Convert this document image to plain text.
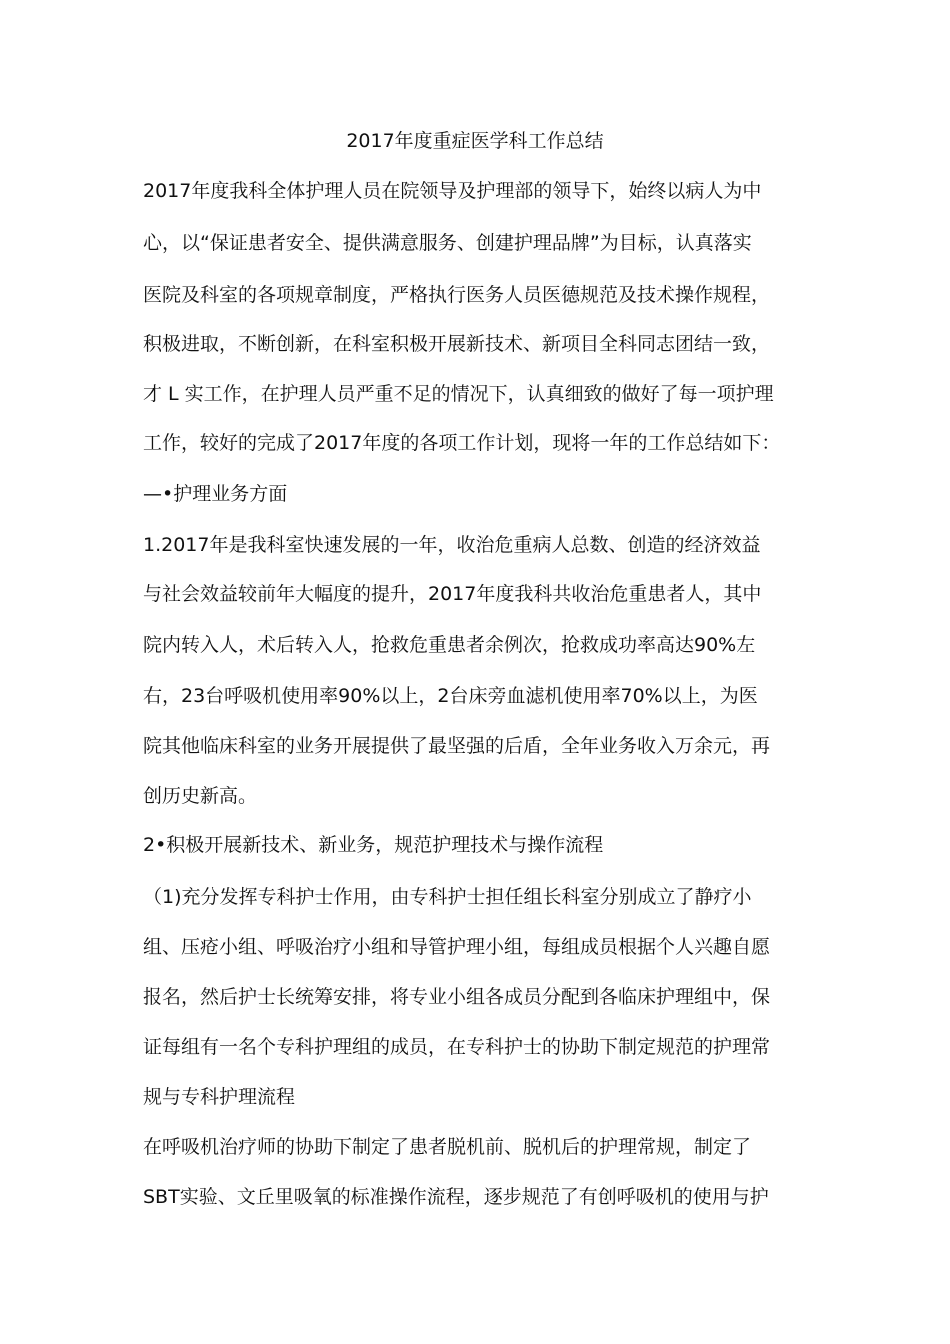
2017年度重症医学科工作总结
2017年度我科全体护理人员在院领导及护理部的领导下，始终以病人为中
心，以“保证患者安全、提供满意服务、创建护理品牌”为目标，认真落实
医院及科室的各项规章制度，严格执行医务人员医德规范及技术操作规程，
积极进取，不断创新，在科室积极开展新技术、新项目全科同志团结一致，
才 L 实工作，在护理人员严重不足的情况下，认真细致的做好了每一项护理
工作，较好的完成了2017年度的各项工作计划，现将一年的工作总结如下：
—•护理业务方面
1.2017年是我科室快速发展的一年，收治危重病人总数、创造的经济效益
与社会效益较前年大幅度的提升，2017年度我科共收治危重患者人，其中
院内转入人，术后转入人，抢救危重患者余例次，抢救成功率高达90%左
右，23台呼吸机使用率90%以上，2台床旁血滤机使用率70%以上，为医
院其他临床科室的业务开展提供了最坚强的后盾，全年业务收入万余元，再
创历史新高。
2•积极开展新技术、新业务，规范护理技术与操作流程
（1)充分发挥专科护士作用，由专科护士担任组长科室分别成立了静疗小
组、压疮小组、呼吸治疗小组和导管护理小组，每组成员根据个人兴趣自愿
报名，然后护士长统筹安排，将专业小组各成员分配到各临床护理组中，保
证每组有一名个专科护理组的成员，在专科护士的协助下制定规范的护理常
规与专科护理流程
在呼吸机治疗师的协助下制定了患者脱机前、脱机后的护理常规，制定了
SBT实验、文丘里吸氧的标准操作流程，逐步规范了有创呼吸机的使用与护
